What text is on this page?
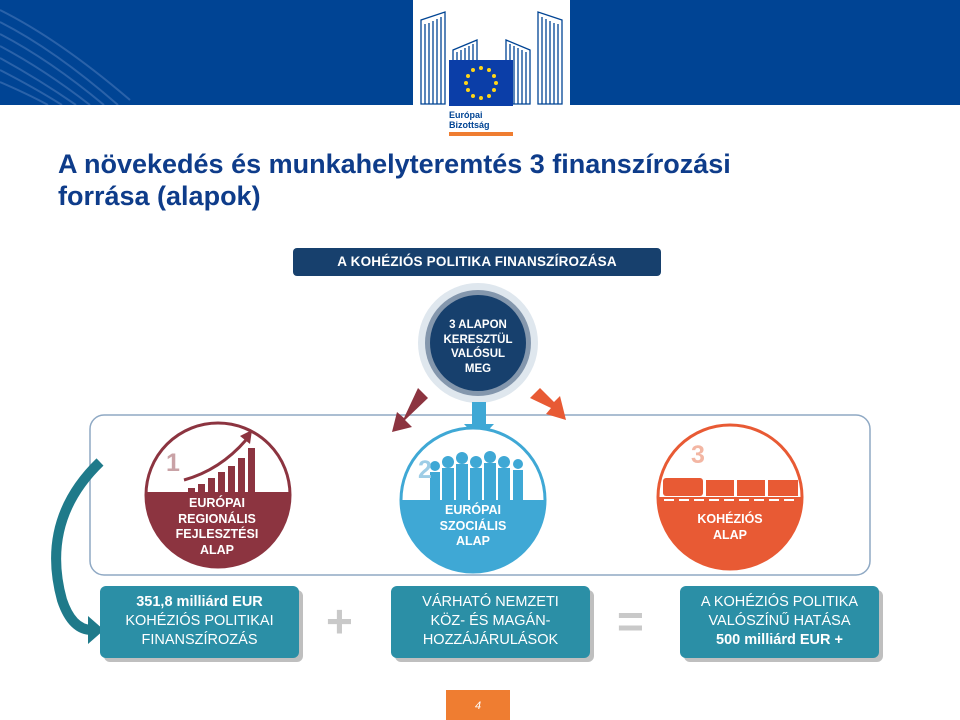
Európai
Bizottság
A növekedés és munkahelyteremtés 3 finanszírozási
forrása (alapok)
A KOHÉZIÓS POLITIKA FINANSZÍROZÁSA
3 ALAPON
KERESZTÜL
VALÓSUL
MEG
1	2
3
EURÓPAI
REGIONÁLIS
FEJLESZTÉSI
ALAP
EURÓPAI
SZOCIÁLIS
ALAP
KOHÉZIÓS
ALAP
351,8 milliárd EUR
KOHÉZIÓS POLITIKAI
FINANSZÍROZÁS	+	VÁRHATÓ NEMZETI
KÖZ- ÉS MAGÁN-
HOZZÁJÁRULÁSOK	=	A KOHÉZIÓS POLITIKA
VALÓSZÍNŰ HATÁSA
500 milliárd EUR +
4
